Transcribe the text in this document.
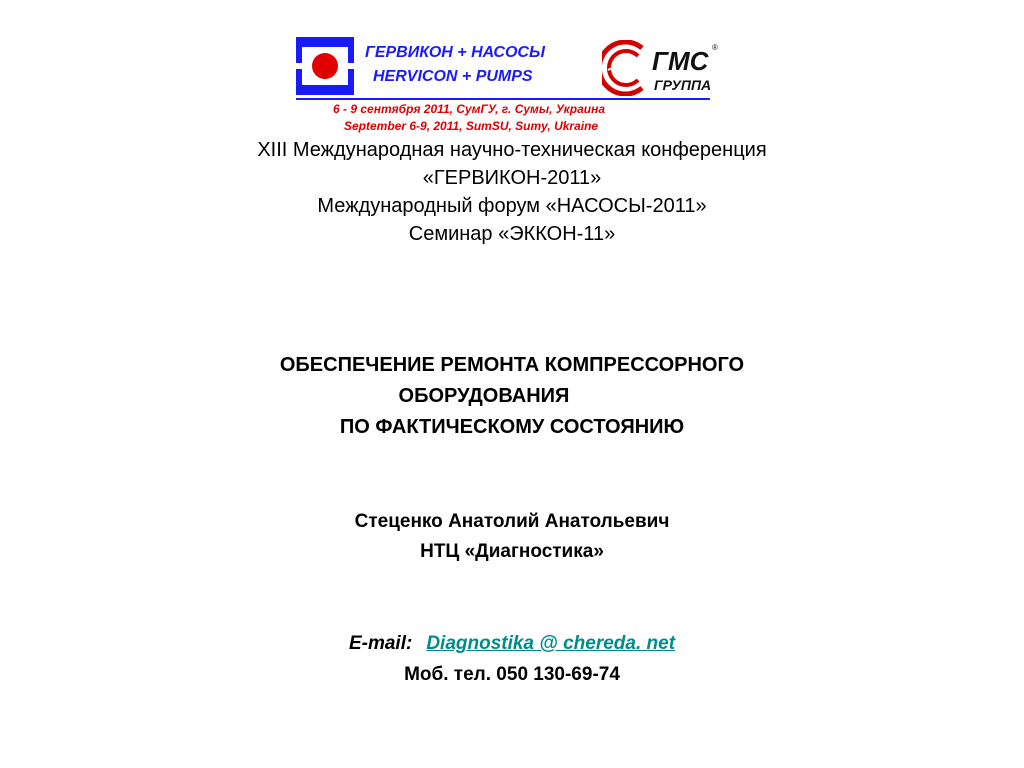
ГЕРВИКОН + НАСОСЫ
HERVICON + PUMPS
ГМС ®
ГРУППА
6 - 9 сентября 2011, СумГУ, г. Сумы, Украина
September 6-9, 2011, SumSU, Sumy, Ukraine
XIII Международная научно-техническая конференция
«ГЕРВИКОН-2011»
Международный форум «НАСОСЫ-2011»
Семинар «ЭККОН-11»
ОБЕСПЕЧЕНИЕ РЕМОНТА КОМПРЕССОРНОГО
ОБОРУДОВАНИЯ
ПО ФАКТИЧЕСКОМУ СОСТОЯНИЮ
Стеценко Анатолий Анатольевич
НТЦ «Диагностика»
E-mail: Diagnostika @ chereda. net
Моб. тел. 050 130-69-74
